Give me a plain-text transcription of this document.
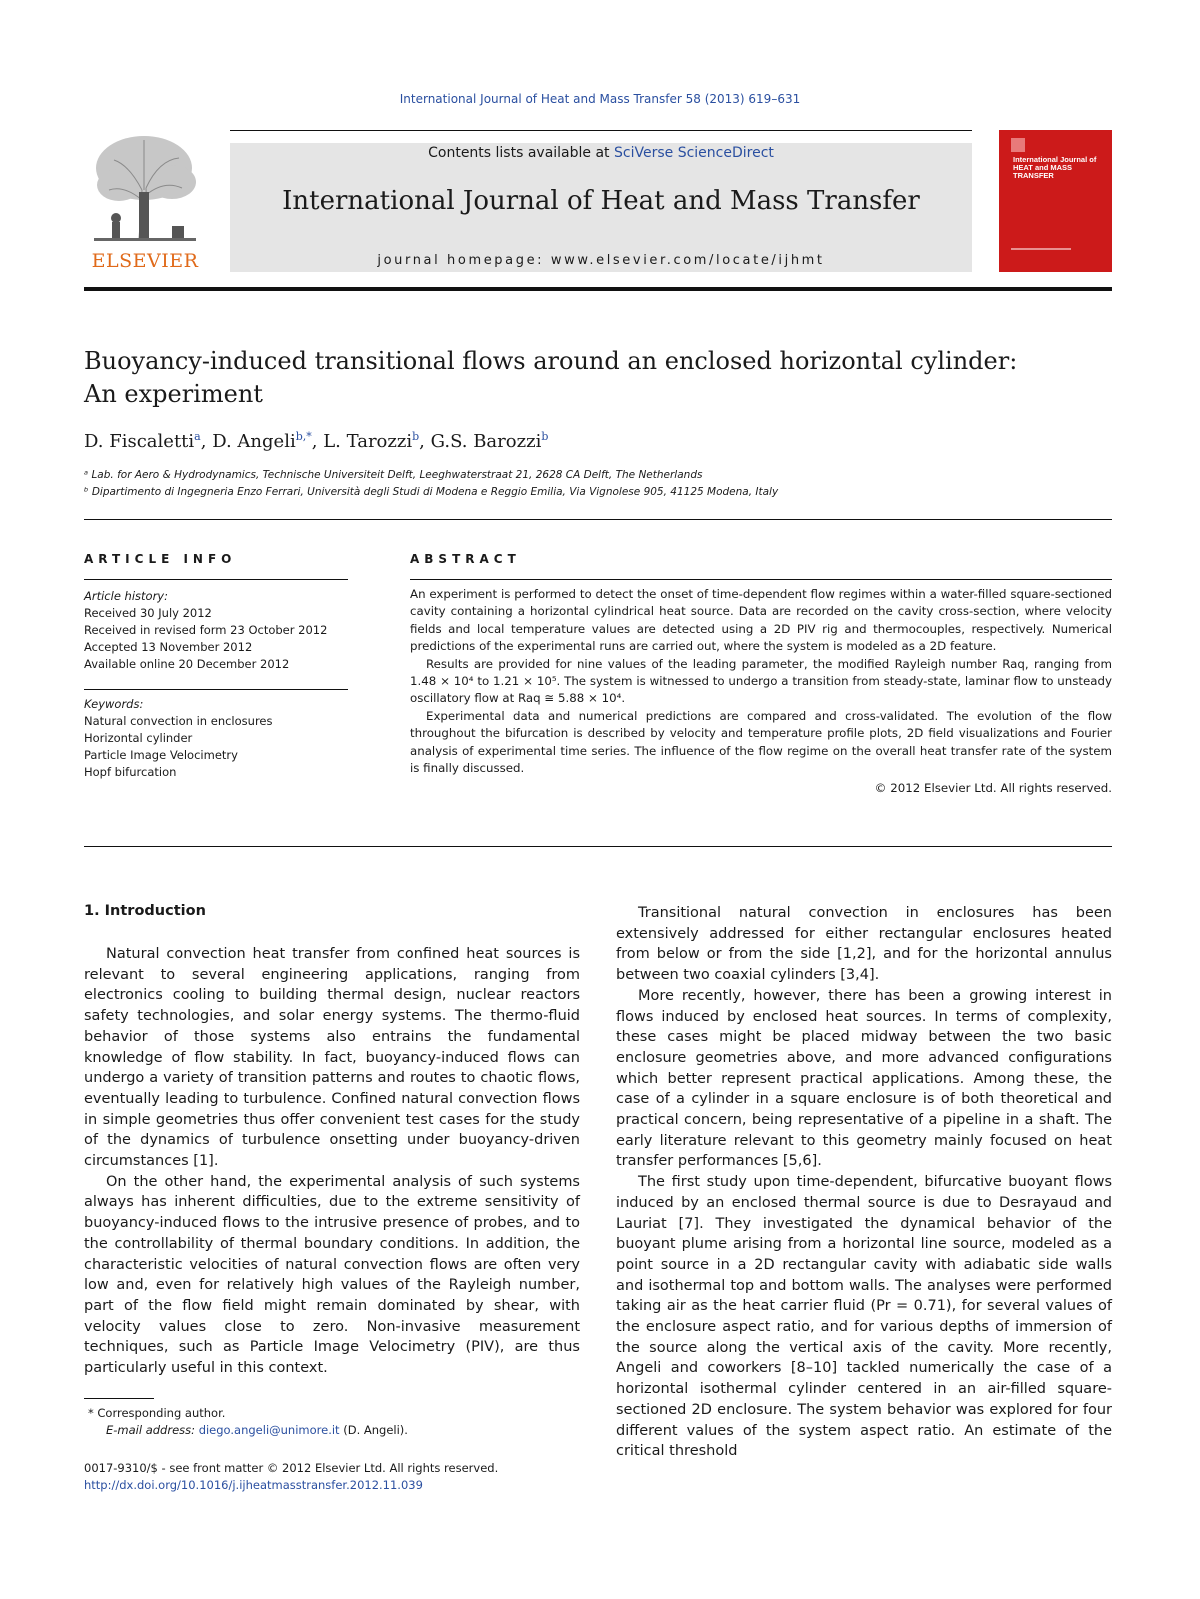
International Journal of Heat and Mass Transfer 58 (2013) 619–631
ELSEVIER
Contents lists available at SciVerse ScienceDirect
International Journal of Heat and Mass Transfer
journal homepage: www.elsevier.com/locate/ijhmt
International Journal of HEAT and MASS TRANSFER
Buoyancy-induced transitional flows around an enclosed horizontal cylinder:
An experiment
D. Fiscaletti$^a$, D. Angeli$^{b,*}$, L. Tarozzi$^b$, G.S. Barozzi$^b$
ᵃ Lab. for Aero & Hydrodynamics, Technische Universiteit Delft, Leeghwaterstraat 21, 2628 CA Delft, The Netherlands
ᵇ Dipartimento di Ingegneria Enzo Ferrari, Università degli Studi di Modena e Reggio Emilia, Via Vignolese 905, 41125 Modena, Italy
ARTICLE INFO
Article history:
Received 30 July 2012
Received in revised form 23 October 2012
Accepted 13 November 2012
Available online 20 December 2012
Keywords:
Natural convection in enclosures
Horizontal cylinder
Particle Image Velocimetry
Hopf bifurcation
ABSTRACT

An experiment is performed to detect the onset of time-dependent flow regimes within a water-filled square-sectioned cavity containing a horizontal cylindrical heat source. Data are recorded on the cavity cross-section, where velocity fields and local temperature values are detected using a 2D PIV rig and thermocouples, respectively. Numerical predictions of the experimental runs are carried out, where the system is modeled as a 2D feature.

Results are provided for nine values of the leading parameter, the modified Rayleigh number Raq, ranging from 1.48 × 10⁴ to 1.21 × 10⁵. The system is witnessed to undergo a transition from steady-state, laminar flow to unsteady oscillatory flow at Raq ≅ 5.88 × 10⁴.

Experimental data and numerical predictions are compared and cross-validated. The evolution of the flow throughout the bifurcation is described by velocity and temperature profile plots, 2D field visualizations and Fourier analysis of experimental time series. The influence of the flow regime on the overall heat transfer rate of the system is finally discussed.

© 2012 Elsevier Ltd. All rights reserved.

1. Introduction

Natural convection heat transfer from confined heat sources is relevant to several engineering applications, ranging from electronics cooling to building thermal design, nuclear reactors safety technologies, and solar energy systems. The thermo-fluid behavior of those systems also entrains the fundamental knowledge of flow stability. In fact, buoyancy-induced flows can undergo a variety of transition patterns and routes to chaotic flows, eventually leading to turbulence. Confined natural convection flows in simple geometries thus offer convenient test cases for the study of the dynamics of turbulence onsetting under buoyancy-driven circumstances [1].

On the other hand, the experimental analysis of such systems always has inherent difficulties, due to the extreme sensitivity of buoyancy-induced flows to the intrusive presence of probes, and to the controllability of thermal boundary conditions. In addition, the characteristic velocities of natural convection flows are often very low and, even for relatively high values of the Rayleigh number, part of the flow field might remain dominated by shear, with velocity values close to zero. Non-invasive measurement techniques, such as Particle Image Velocimetry (PIV), are thus particularly useful in this context.

Transitional natural convection in enclosures has been extensively addressed for either rectangular enclosures heated from below or from the side [1,2], and for the horizontal annulus between two coaxial cylinders [3,4].

More recently, however, there has been a growing interest in flows induced by enclosed heat sources. In terms of complexity, these cases might be placed midway between the two basic enclosure geometries above, and more advanced configurations which better represent practical applications. Among these, the case of a cylinder in a square enclosure is of both theoretical and practical concern, being representative of a pipeline in a shaft. The early literature relevant to this geometry mainly focused on heat transfer performances [5,6].

The first study upon time-dependent, bifurcative buoyant flows induced by an enclosed thermal source is due to Desrayaud and Lauriat [7]. They investigated the dynamical behavior of the buoyant plume arising from a horizontal line source, modeled as a point source in a 2D rectangular cavity with adiabatic side walls and isothermal top and bottom walls. The analyses were performed taking air as the heat carrier fluid (Pr = 0.71), for several values of the enclosure aspect ratio, and for various depths of immersion of the source along the vertical axis of the cavity. More recently, Angeli and coworkers [8–10] tackled numerically the case of a horizontal isothermal cylinder centered in an air-filled square-sectioned 2D enclosure. The system behavior was explored for four different values of the system aspect ratio. An estimate of the critical threshold

* Corresponding author.
E-mail address: diego.angeli@unimore.it (D. Angeli).
0017-9310/$ - see front matter © 2012 Elsevier Ltd. All rights reserved.
http://dx.doi.org/10.1016/j.ijheatmasstransfer.2012.11.039
